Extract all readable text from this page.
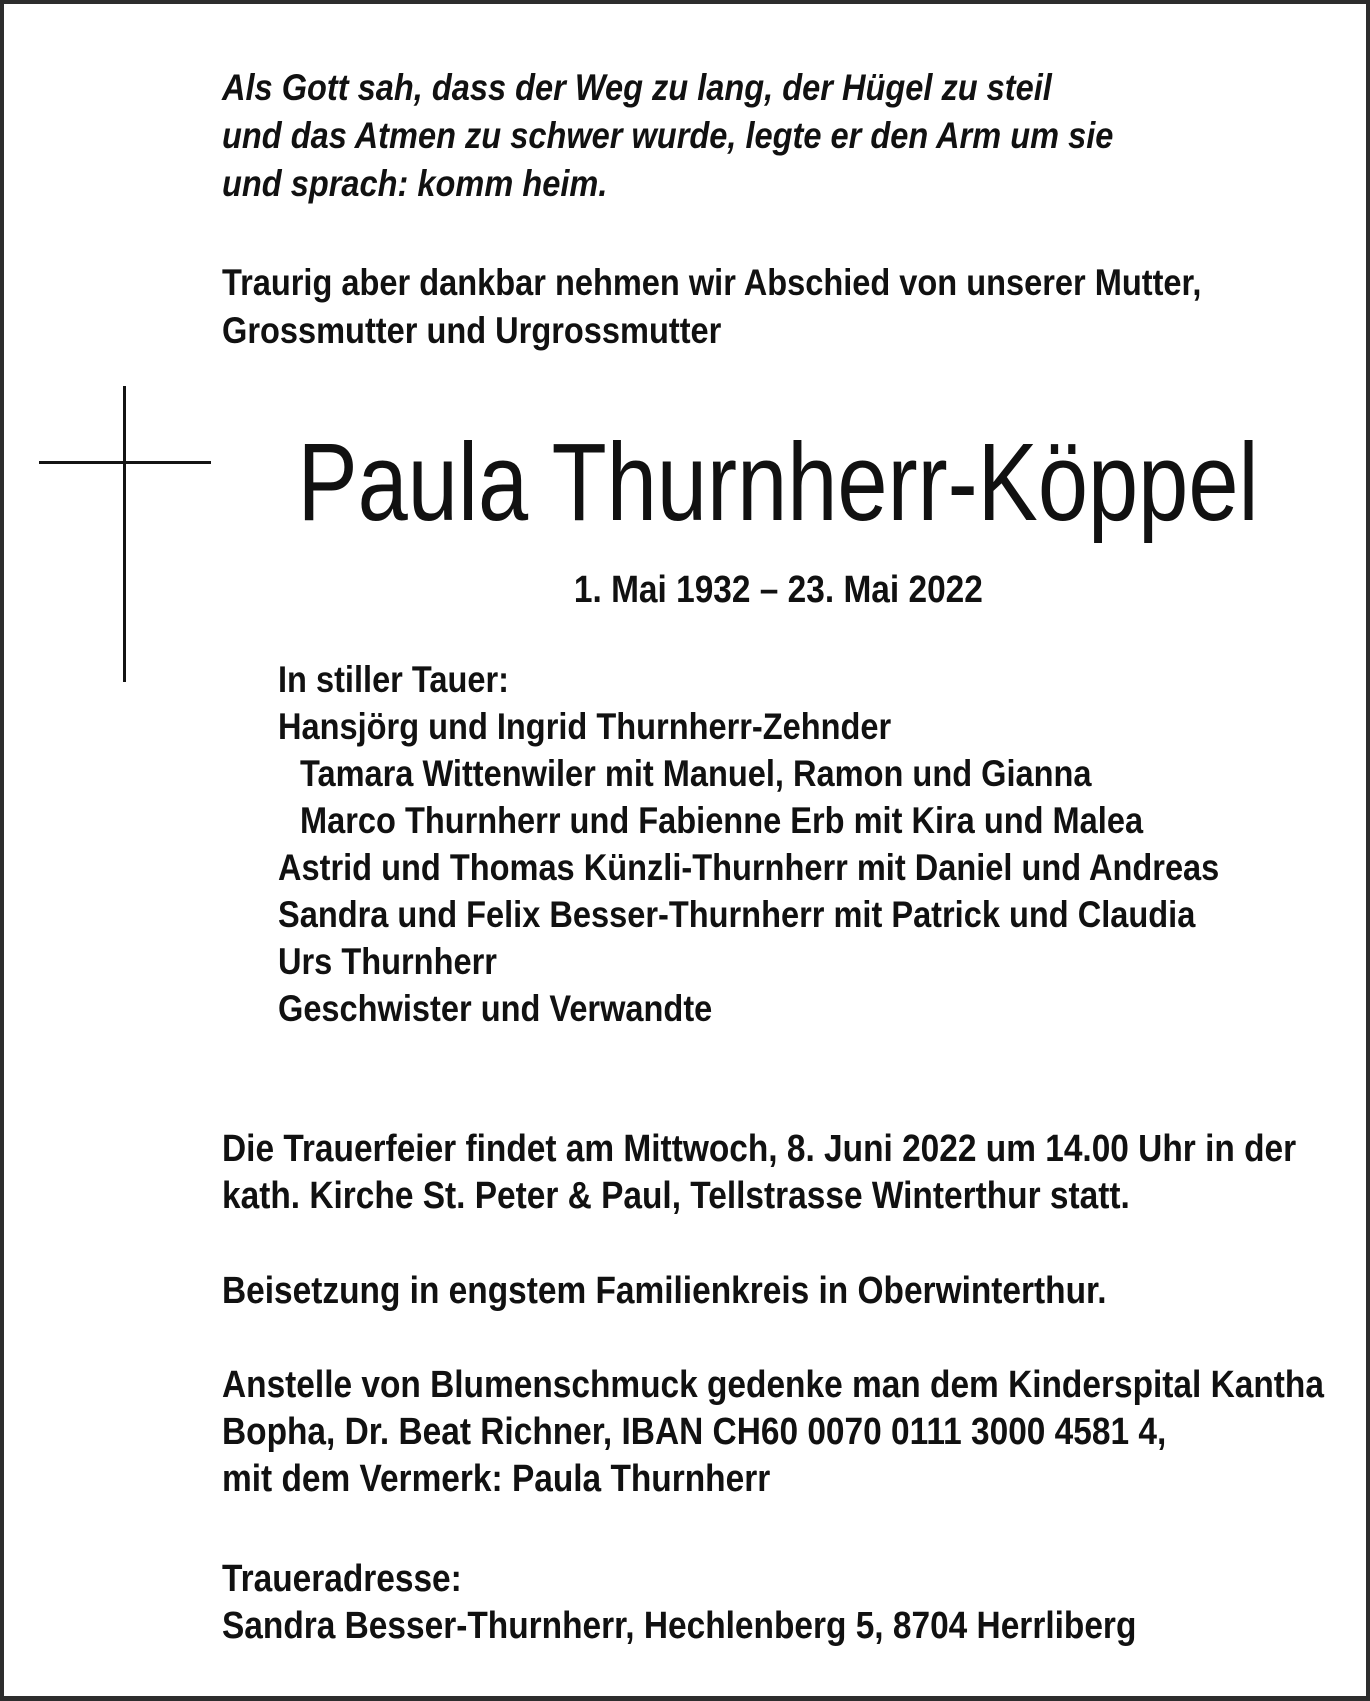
Als Gott sah, dass der Weg zu lang, der Hügel zu steil
und das Atmen zu schwer wurde, legte er den Arm um sie
und sprach: komm heim.
Traurig aber dankbar nehmen wir Abschied von unserer Mutter,
Grossmutter und Urgrossmutter
Paula Thurnherr-Köppel
1. Mai 1932 – 23. Mai 2022
In stiller Tauer:
Hansjörg und Ingrid Thurnherr-Zehnder
Tamara Wittenwiler mit Manuel, Ramon und Gianna
Marco Thurnherr und Fabienne Erb mit Kira und Malea
Astrid und Thomas Künzli-Thurnherr mit Daniel und Andreas
Sandra und Felix Besser-Thurnherr mit Patrick und Claudia
Urs Thurnherr
Geschwister und Verwandte
Die Trauerfeier findet am Mittwoch, 8. Juni 2022 um 14.00 Uhr in der
kath. Kirche St. Peter & Paul, Tellstrasse Winterthur statt.
Beisetzung in engstem Familienkreis in Oberwinterthur.
Anstelle von Blumenschmuck gedenke man dem Kinderspital Kantha
Bopha, Dr. Beat Richner, IBAN CH60 0070 0111 3000 4581 4,
mit dem Vermerk: Paula Thurnherr
Traueradresse:
Sandra Besser-Thurnherr, Hechlenberg 5, 8704 Herrliberg
